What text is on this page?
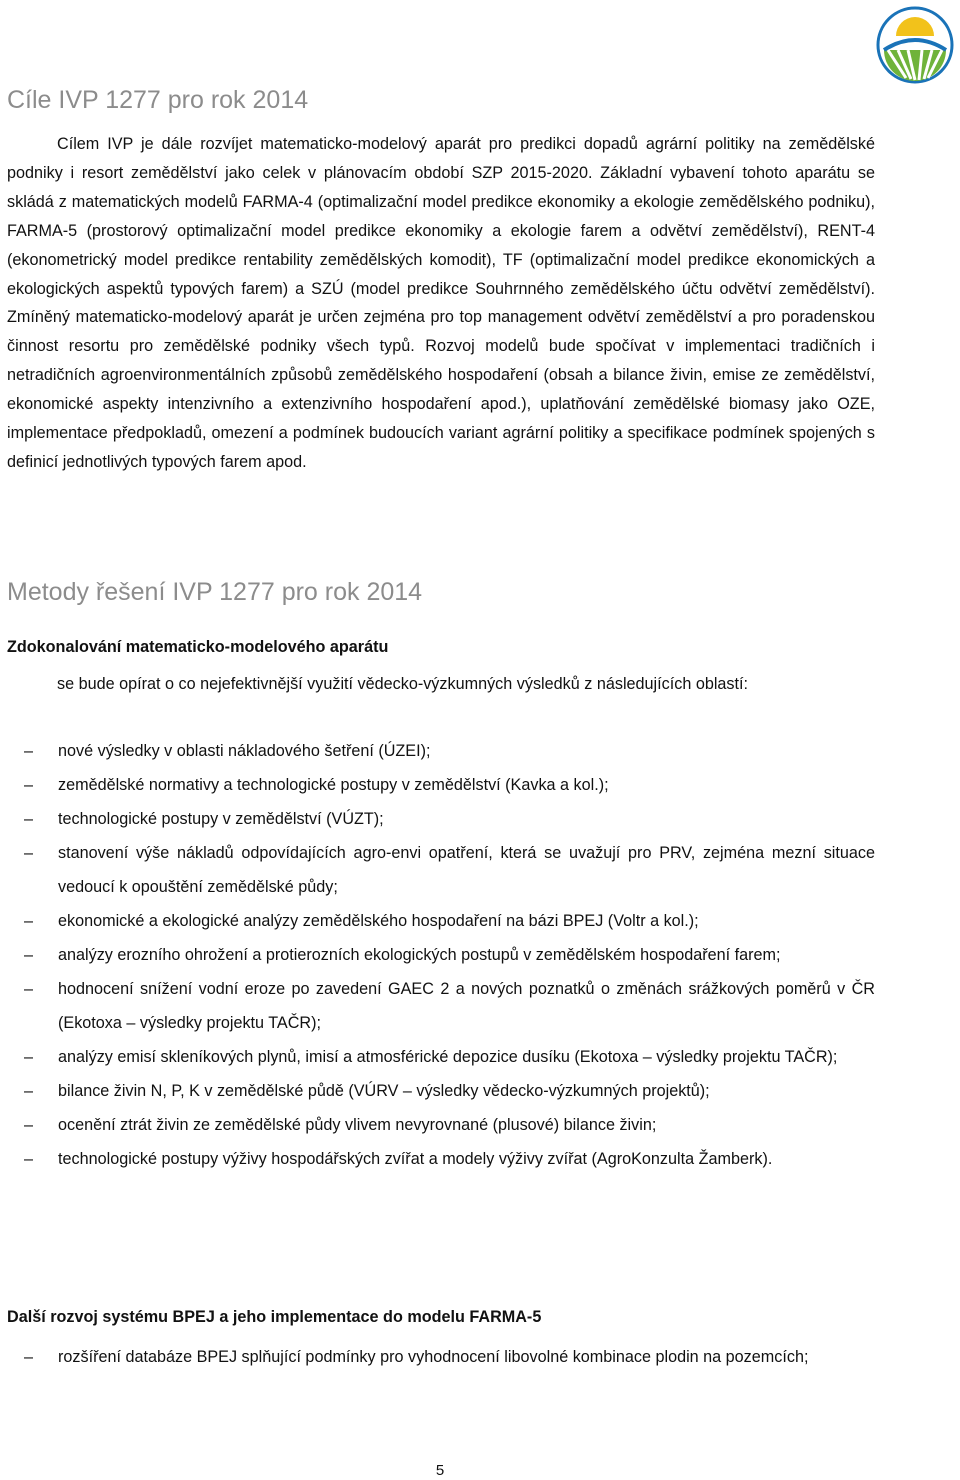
Cíle IVP 1277 pro rok 2014

Cílem IVP je dále rozvíjet matematicko-modelový aparát pro predikci dopadů agrární politiky na zemědělské podniky i resort zemědělství jako celek v plánovacím období SZP 2015-2020. Základní vybavení tohoto aparátu se skládá z matematických modelů FARMA-4 (optimalizační model predikce ekonomiky a ekologie zemědělského podniku), FARMA-5 (prostorový optimalizační model predikce ekonomiky a ekologie farem a odvětví zemědělství), RENT-4 (ekonometrický model predikce rentability zemědělských komodit), TF (optimalizační model predikce ekonomických a ekologických aspektů typových farem) a SZÚ (model predikce Souhrnného zemědělského účtu odvětví zemědělství). Zmíněný matematicko-modelový aparát je určen zejména pro top management odvětví zemědělství a pro poradenskou činnost resortu pro zemědělské podniky všech typů. Rozvoj modelů bude spočívat v implementaci tradičních i netradičních agroenvironmentálních způsobů zemědělského hospodaření (obsah a bilance živin, emise ze zemědělství, ekonomické aspekty intenzivního a extenzivního hospodaření apod.), uplatňování zemědělské biomasy jako OZE, implementace předpokladů, omezení a podmínek budoucích variant agrární politiky a specifikace podmínek spojených s definicí jednotlivých typových farem apod.

Metody řešení IVP 1277 pro rok 2014
Zdokonalování matematicko-modelového aparátu

se bude opírat o co nejefektivnější využití vědecko-výzkumných výsledků z následujících oblastí:

– nové výsledky v oblasti nákladového šetření (ÚZEI);
– zemědělské normativy a technologické postupy v zemědělství (Kavka a kol.);
– technologické postupy v zemědělství (VÚZT);
– stanovení výše nákladů odpovídajících agro-envi opatření, která se uvažují pro PRV, zejména mezní situace vedoucí k opouštění zemědělské půdy;
– ekonomické a ekologické analýzy zemědělského hospodaření na bázi BPEJ (Voltr a kol.);
– analýzy erozního ohrožení a protierozních ekologických postupů v zemědělském hospodaření farem;
– hodnocení snížení vodní eroze po zavedení GAEC 2 a nových poznatků o změnách srážkových poměrů v ČR (Ekotoxa – výsledky projektu TAČR);
– analýzy emisí skleníkových plynů, imisí a atmosférické depozice dusíku (Ekotoxa – výsledky projektu TAČR);
– bilance živin N, P, K v zemědělské půdě (VÚRV – výsledky vědecko-výzkumných projektů);
– ocenění ztrát živin ze zemědělské půdy vlivem nevyrovnané (plusové) bilance živin;
– technologické postupy výživy hospodářských zvířat a modely výživy zvířat (AgroKonzulta Žamberk).
Další rozvoj systému BPEJ a jeho implementace do modelu FARMA-5
– rozšíření databáze BPEJ splňující podmínky pro vyhodnocení libovolné kombinace plodin na pozemcích;
5
